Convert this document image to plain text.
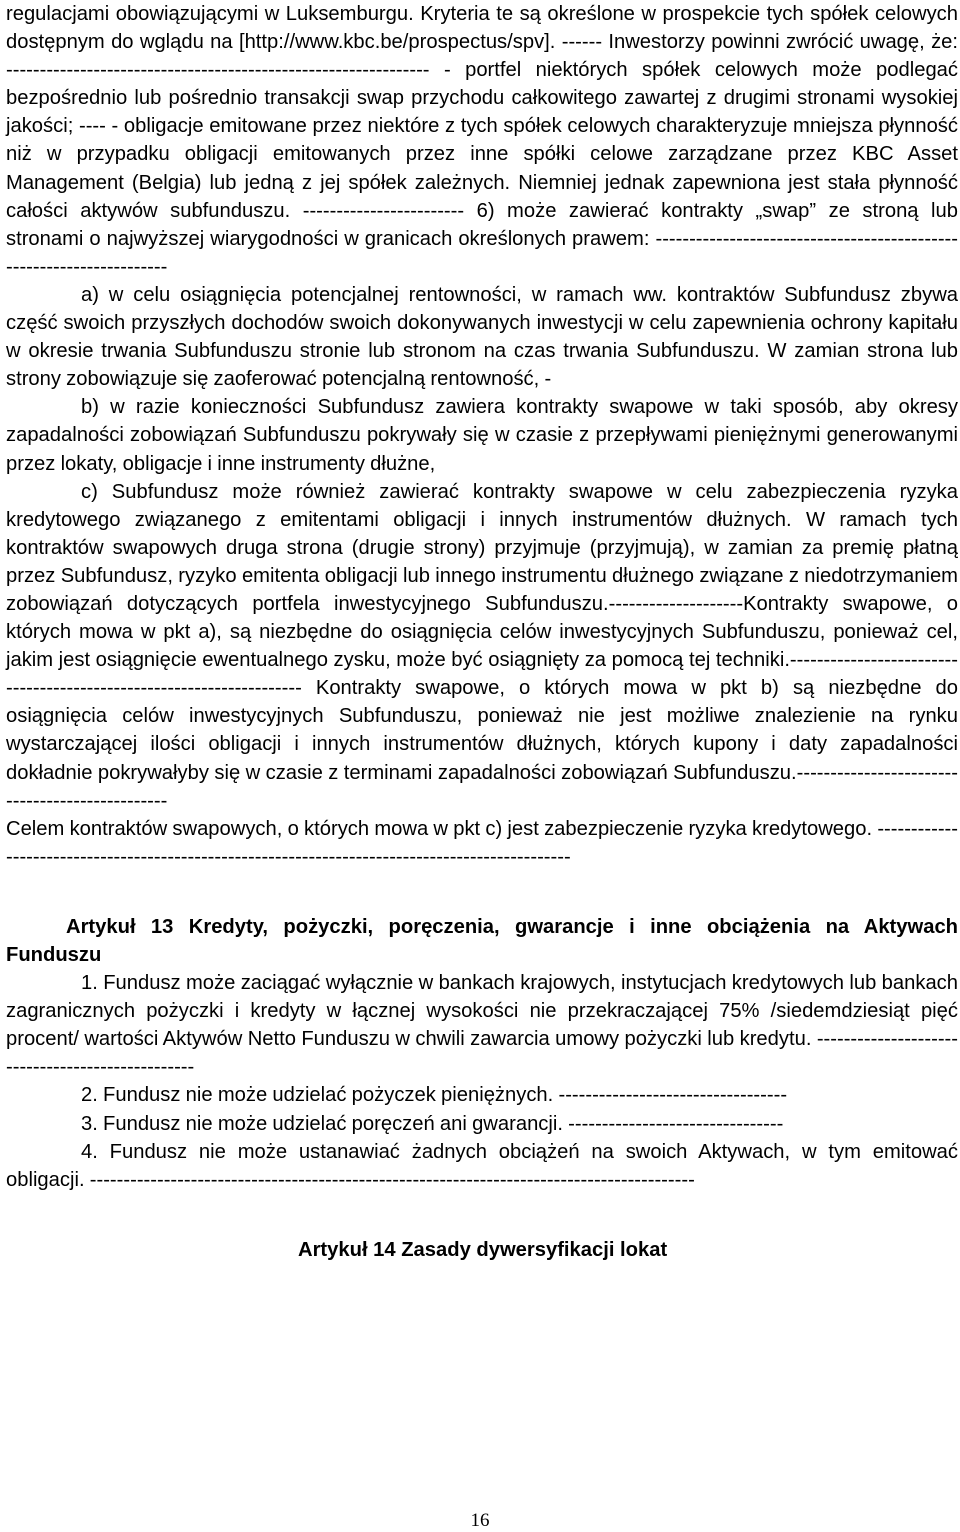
regulacjami obowiązującymi w Luksemburgu. Kryteria te są określone w prospekcie tych spółek celowych dostępnym do wglądu na [http://www.kbc.be/prospectus/spv]. ------ Inwestorzy powinni zwrócić uwagę, że: --------------------------------------------------------------- - portfel niektórych spółek celowych może podlegać bezpośrednio lub pośrednio transakcji swap przychodu całkowitego zawartej z drugimi stronami wysokiej jakości; ---- - obligacje emitowane przez niektóre z tych spółek celowych charakteryzuje mniejsza płynność niż w przypadku obligacji emitowanych przez inne spółki celowe zarządzane przez KBC Asset Management (Belgia) lub jedną z jej spółek zależnych. Niemniej jednak zapewniona jest stała płynność całości aktywów subfunduszu. ------------------------ 6) może zawierać kontrakty „swap” ze stroną lub stronami o najwyższej wiarygodności w granicach określonych prawem: ---------------------------------------------------------------------

a) w celu osiągnięcia potencjalnej rentowności, w ramach ww. kontraktów Subfundusz zbywa część swoich przyszłych dochodów swoich dokonywanych inwestycji w celu zapewnienia ochrony kapitału w okresie trwania Subfunduszu stronie lub stronom na czas trwania Subfunduszu. W zamian strona lub strony zobowiązuje się zaoferować potencjalną rentowność, -

b) w razie konieczności Subfundusz zawiera kontrakty swapowe w taki sposób, aby okresy zapadalności zobowiązań Subfunduszu pokrywały się w czasie z przepływami pieniężnymi generowanymi przez lokaty, obligacje i inne instrumenty dłużne,

c) Subfundusz może również zawierać kontrakty swapowe w celu zabezpieczenia ryzyka kredytowego związanego z emitentami obligacji i innych instrumentów dłużnych. W ramach tych kontraktów swapowych druga strona (drugie strony) przyjmuje (przyjmują), w zamian za premię płatną przez Subfundusz, ryzyko emitenta obligacji lub innego instrumentu dłużnego związane z niedotrzymaniem zobowiązań dotyczących portfela inwestycyjnego Subfunduszu.--------------------Kontrakty swapowe, o których mowa w pkt a), są niezbędne do osiągnięcia celów inwestycyjnych Subfunduszu, ponieważ cel, jakim jest osiągnięcie ewentualnego zysku, może być osiągnięty za pomocą tej techniki.--------------------------------------------------------------------- Kontrakty swapowe, o których mowa w pkt b) są niezbędne do osiągnięcia celów inwestycyjnych Subfunduszu, ponieważ nie jest możliwe znalezienie na rynku wystarczającej ilości obligacji i innych instrumentów dłużnych, których kupony i daty zapadalności dokładnie pokrywałyby się w czasie z terminami zapadalności zobowiązań Subfunduszu.------------------------------------------------

Celem kontraktów swapowych, o których mowa w pkt c) jest zabezpieczenie ryzyka kredytowego. ------------------------------------------------------------------------------------------------

Artykuł 13 Kredyty, pożyczki, poręczenia, gwarancje i inne obciążenia na Aktywach Funduszu

1. Fundusz może zaciągać wyłącznie w bankach krajowych, instytucjach kredytowych lub bankach zagranicznych pożyczki i kredyty w łącznej wysokości nie przekraczającej 75% /siedemdziesiąt pięć procent/ wartości Aktywów Netto Funduszu w chwili zawarcia umowy pożyczki lub kredytu. -------------------------------------------------

2. Fundusz nie może udzielać pożyczek pieniężnych. ----------------------------------

3. Fundusz nie może udzielać poręczeń ani gwarancji. --------------------------------

4. Fundusz nie może ustanawiać żadnych obciążeń na swoich Aktywach, w tym emitować obligacji. ------------------------------------------------------------------------------------------

Artykuł 14 Zasady dywersyfikacji lokat

16
